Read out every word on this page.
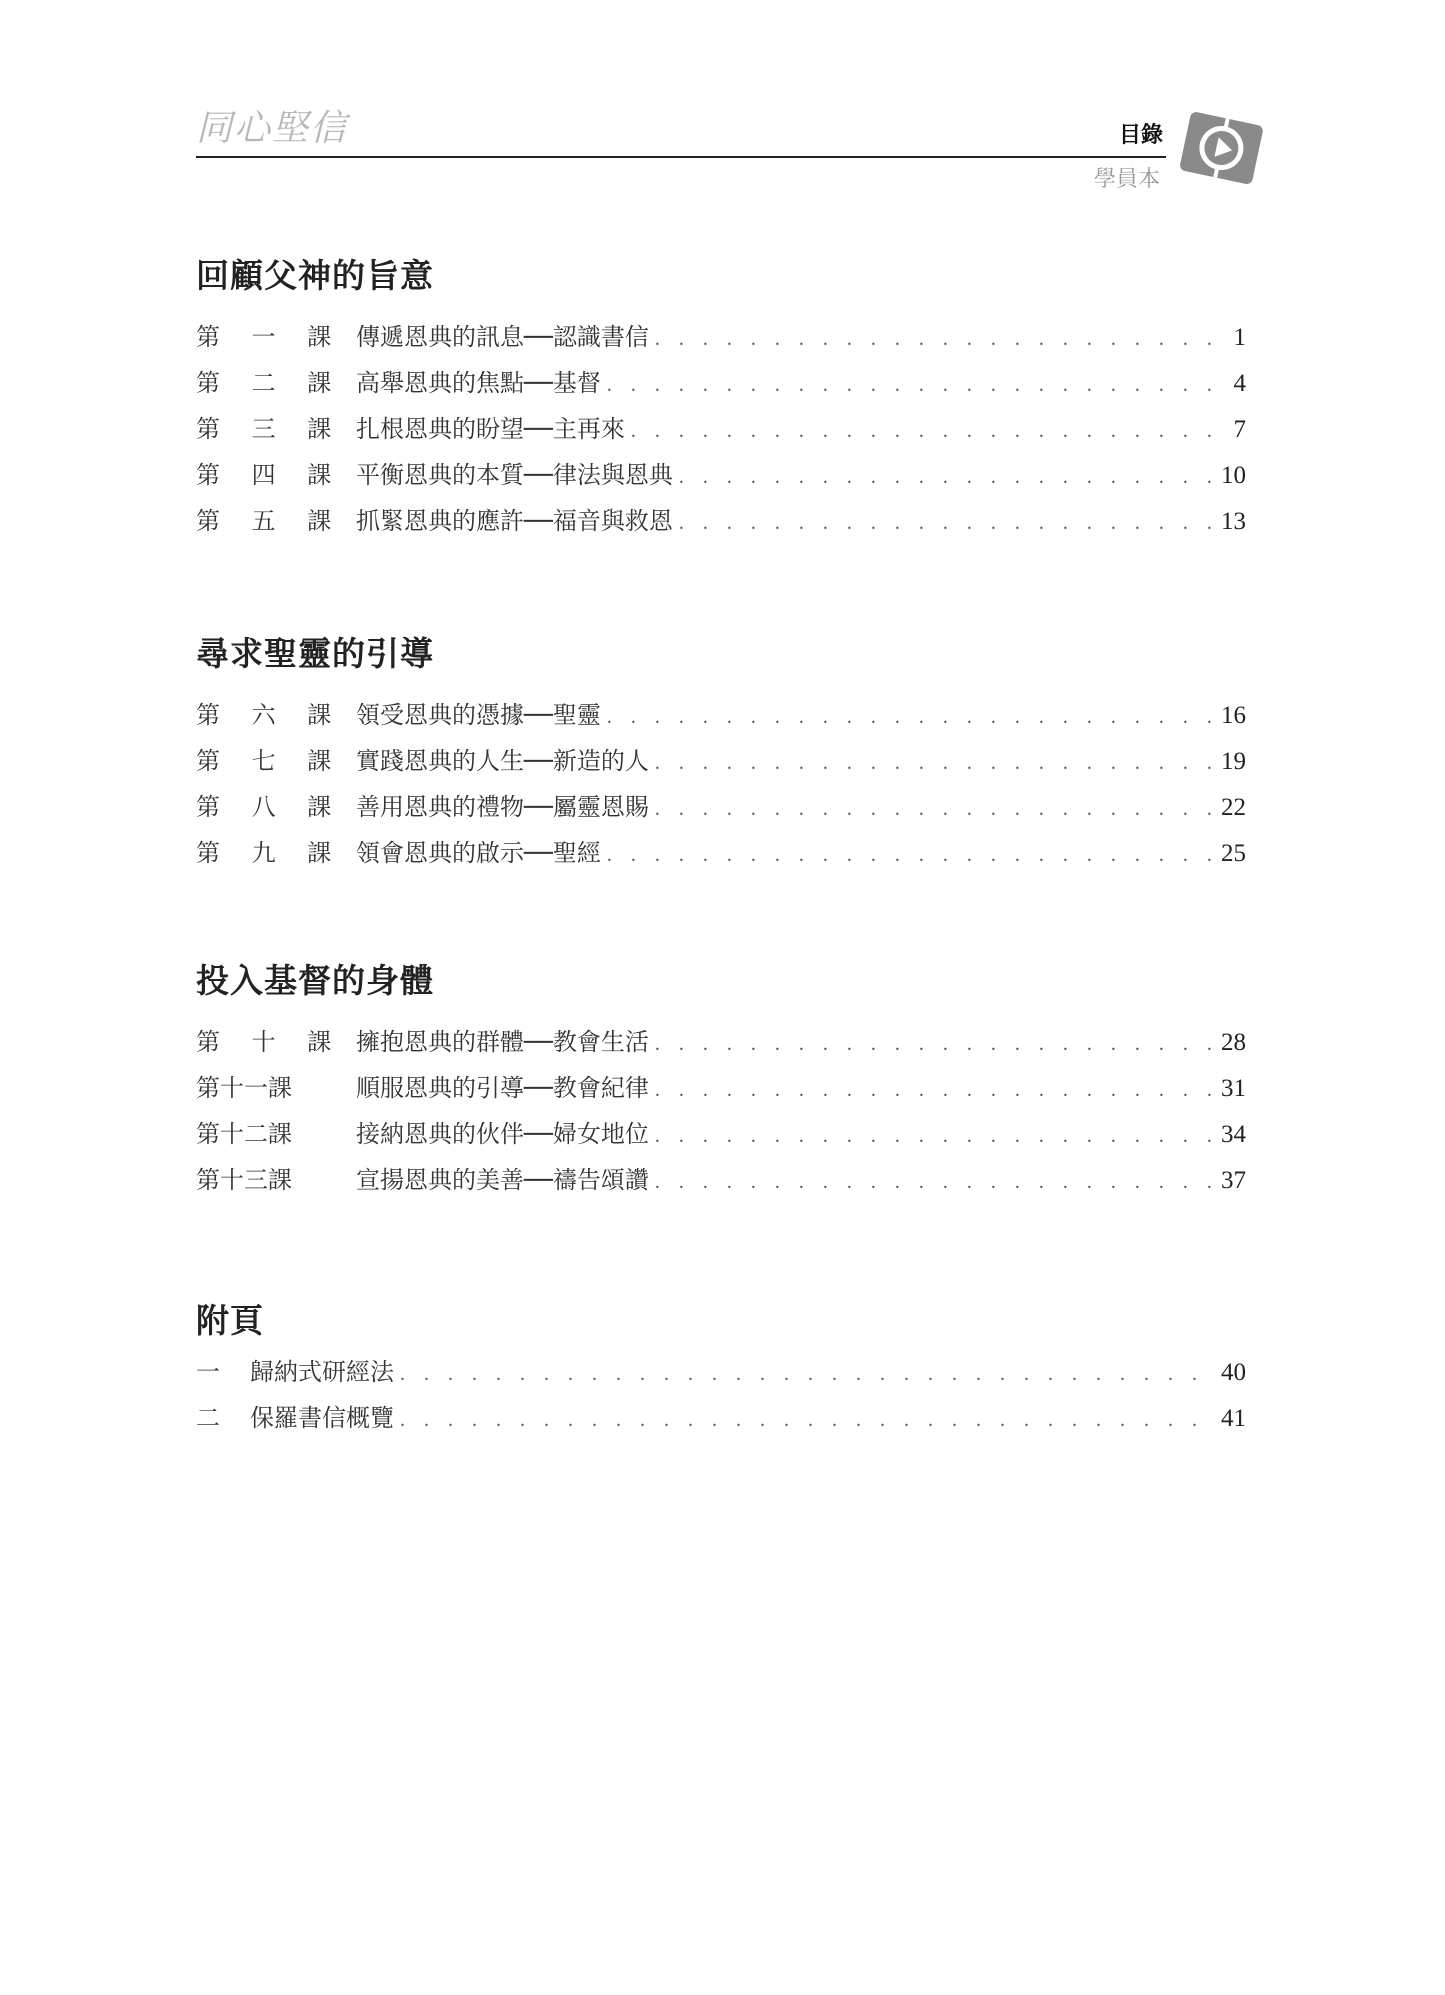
同心堅信	目錄
學員本
回顧父神的旨意
第 一 課 傳遞恩典的訊息──認識書信 . . .	1
第 二 課 高舉恩典的焦點──基督 . . .	4
第 三 課 扎根恩典的盼望──主再來 . . .	7
第 四 課 平衡恩典的本質──律法與恩典 . . .	10
第 五 課 抓緊恩典的應許──福音與救恩 . . .	13
尋求聖靈的引導
第 六 課 領受恩典的憑據──聖靈 . . .	16
第 七 課 實踐恩典的人生──新造的人 . . .	19
第 八 課 善用恩典的禮物──屬靈恩賜 . . .	22
第 九 課 領會恩典的啟示──聖經 . . .	25
投入基督的身體
第 十 課 擁抱恩典的群體──教會生活 . . .	28
第十一課	順服恩典的引導──教會紀律 . . .	31
第十二課	接納恩典的伙伴──婦女地位 . . .	34
第十三課	宣揚恩典的美善──禱告頌讚 . . .	37
附頁
一	歸納式研經法 . . .	40
二	保羅書信概覽 . . .	41
